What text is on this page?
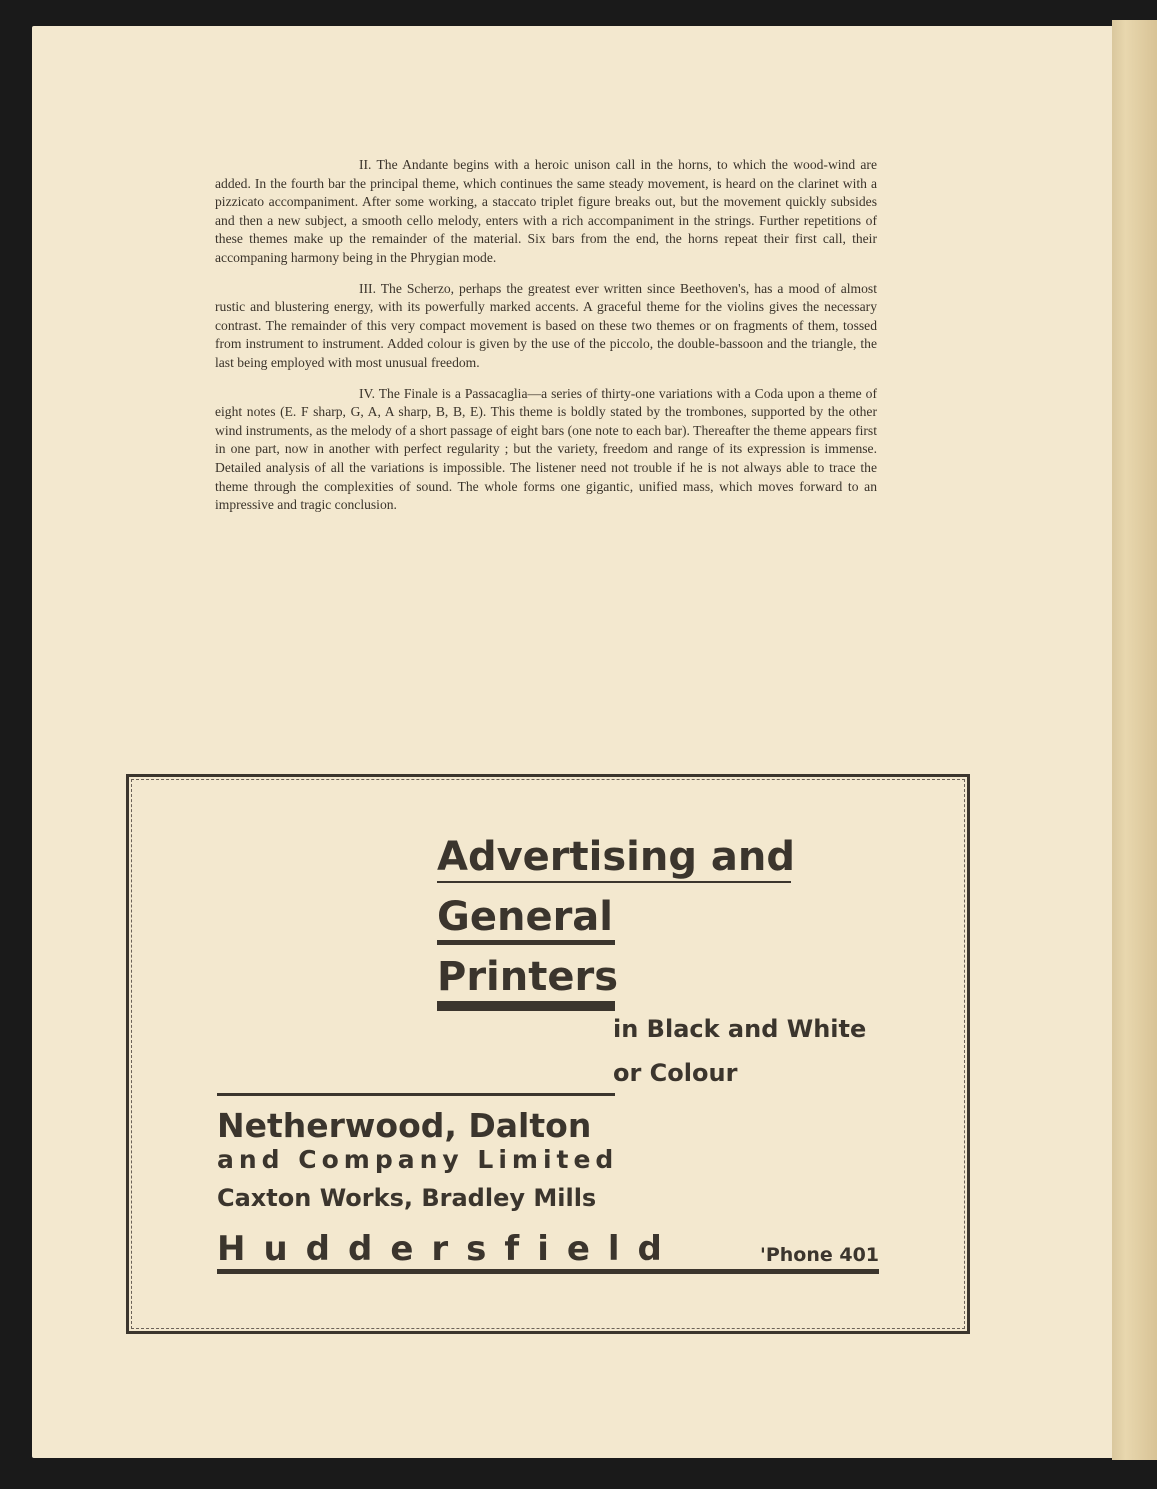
II. The Andante begins with a heroic unison call in the horns, to which the wood-wind are added. In the fourth bar the principal theme, which continues the same steady movement, is heard on the clarinet with a pizzicato accompaniment. After some working, a staccato triplet figure breaks out, but the movement quickly subsides and then a new subject, a smooth cello melody, enters with a rich accompaniment in the strings. Further repetitions of these themes make up the remainder of the material. Six bars from the end, the horns repeat their first call, their accompaning harmony being in the Phrygian mode.

III. The Scherzo, perhaps the greatest ever written since Beethoven's, has a mood of almost rustic and blustering energy, with its powerfully marked accents. A graceful theme for the violins gives the necessary contrast. The remainder of this very compact movement is based on these two themes or on fragments of them, tossed from instrument to instrument. Added colour is given by the use of the piccolo, the double-bassoon and the triangle, the last being employed with most unusual freedom.

IV. The Finale is a Passacaglia—a series of thirty-one variations with a Coda upon a theme of eight notes (E. F sharp, G, A, A sharp, B, B, E). This theme is boldly stated by the trombones, supported by the other wind instruments, as the melody of a short passage of eight bars (one note to each bar). Thereafter the theme appears first in one part, now in another with perfect regularity ; but the variety, freedom and range of its expression is immense. Detailed analysis of all the variations is impossible. The listener need not trouble if he is not always able to trace the theme through the complexities of sound. The whole forms one gigantic, unified mass, which moves forward to an impressive and tragic conclusion.

Advertising and
General
Printers
in Black and White
or Colour
Netherwood, Dalton
and Company Limited
Caxton Works, Bradley Mills
Huddersfield	'Phone 401
